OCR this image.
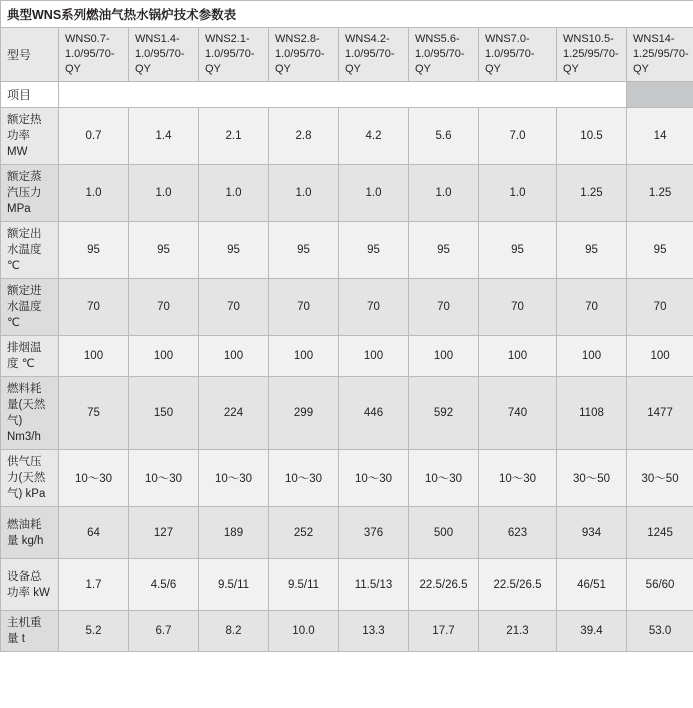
典型WNS系列燃油气热水锅炉技术参数表									
型号	WNS0.7-1.0/95/70-QY	WNS1.4-1.0/95/70-QY	WNS2.1-1.0/95/70-QY	WNS2.8-1.0/95/70-QY	WNS4.2-1.0/95/70-QY	WNS5.6-1.0/95/70-QY	WNS7.0-1.0/95/70-QY	WNS10.5-1.25/95/70-QY	WNS14-1.25/95/70-QY
项目									
额定热功率 MW	0.7	1.4	2.1	2.8	4.2	5.6	7.0	10.5	14
额定蒸汽压力 MPa	1.0	1.0	1.0	1.0	1.0	1.0	1.0	1.25	1.25
额定出水温度 ℃	95	95	95	95	95	95	95	95	95
额定进水温度 ℃	70	70	70	70	70	70	70	70	70
排烟温度 ℃	100	100	100	100	100	100	100	100	100
燃料耗量(天然气) Nm3/h	75	150	224	299	446	592	740	1108	1477
供气压力(天然气) kPa	10～30	10～30	10～30	10～30	10～30	10～30	10～30	30～50	30～50
燃油耗量 kg/h	64	127	189	252	376	500	623	934	1245
设备总功率 kW	1.7	4.5/6	9.5/11	9.5/11	11.5/13	22.5/26.5	22.5/26.5	46/51	56/60
主机重量 t	5.2	6.7	8.2	10.0	13.3	17.7	21.3	39.4	53.0
